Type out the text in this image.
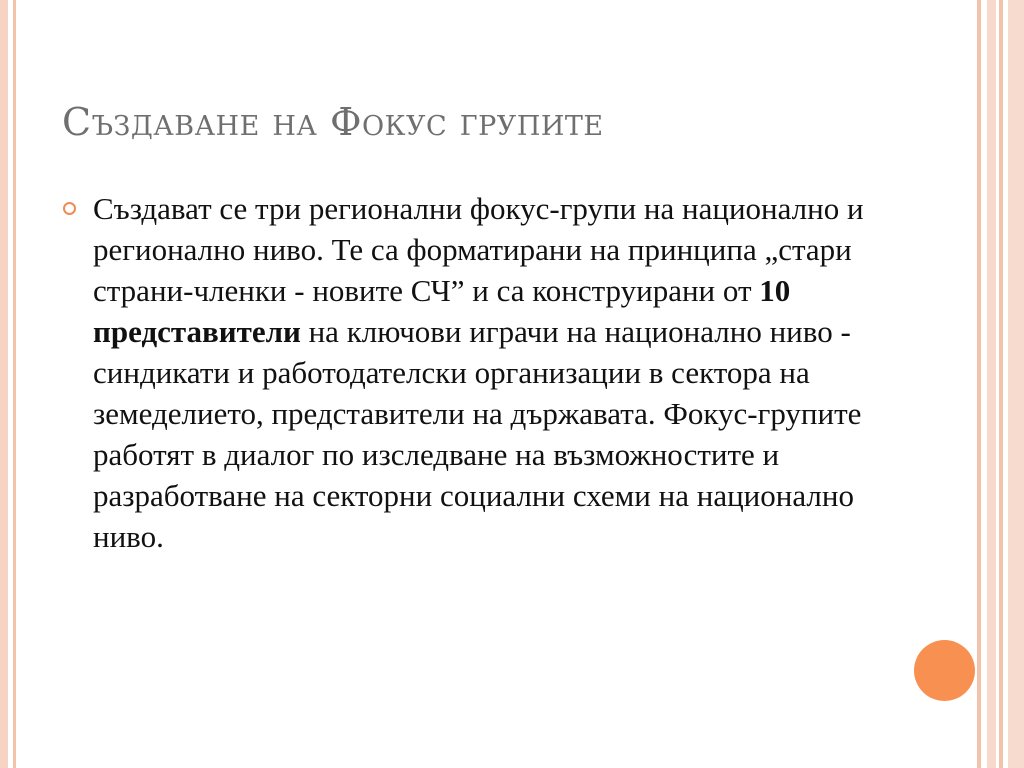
Създаване на Фокус групите

Създават се три регионални фокус-групи на национално и регионално ниво. Те са форматирани на принципа „стари страни-членки - новите СЧ” и са конструирани от 10 представители на ключови играчи на национално ниво - синдикати и работодателски организации в сектора на земеделието, представители на държавата. Фокус-групите работят в диалог по изследване на възможностите и разработване на секторни социални схеми на национално ниво.
